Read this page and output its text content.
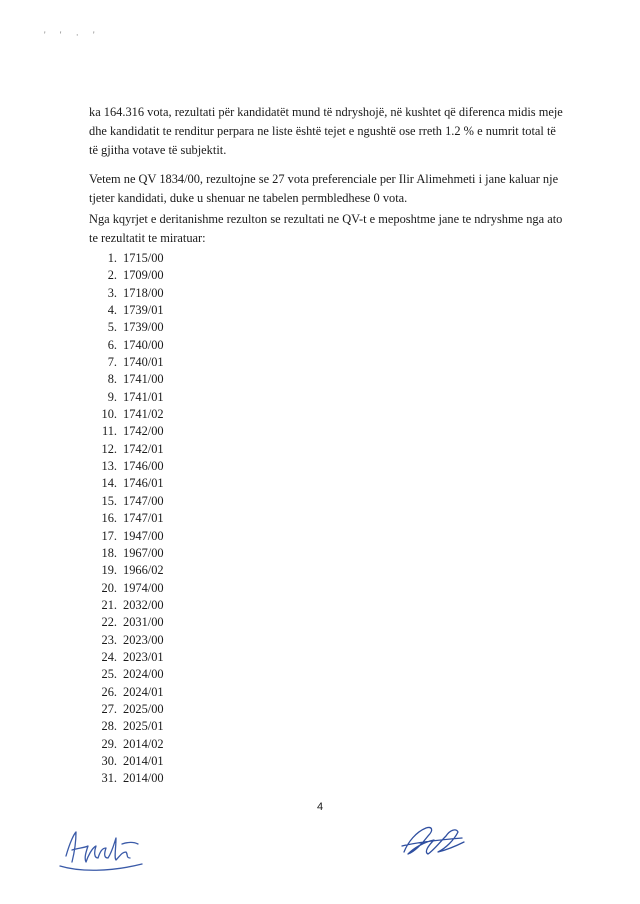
' ' · '

ka 164.316 vota, rezultati për kandidatët mund të ndryshojë, në kushtet që diferenca midis meje dhe kandidatit te renditur perpara ne liste është tejet e ngushtë ose rreth 1.2 % e numrit total të të gjitha votave të subjektit.

Vetem ne QV 1834/00, rezultojne se 27 vota preferenciale per Ilir Alimehmeti i jane kaluar nje tjeter kandidati, duke u shenuar ne tabelen permbledhese 0 vota.

Nga kqyrjet e deritanishme rezulton se rezultati ne QV-t e meposhtme jane te ndryshme nga ato te rezultatit te miratuar:

1. 1715/00
2. 1709/00
3. 1718/00
4. 1739/01
5. 1739/00
6. 1740/00
7. 1740/01
8. 1741/00
9. 1741/01
10. 1741/02
11. 1742/00
12. 1742/01
13. 1746/00
14. 1746/01
15. 1747/00
16. 1747/01
17. 1947/00
18. 1967/00
19. 1966/02
20. 1974/00
21. 2032/00
22. 2031/00
23. 2023/00
24. 2023/01
25. 2024/00
26. 2024/01
27. 2025/00
28. 2025/01
29. 2014/02
30. 2014/01
31. 2014/00
4
